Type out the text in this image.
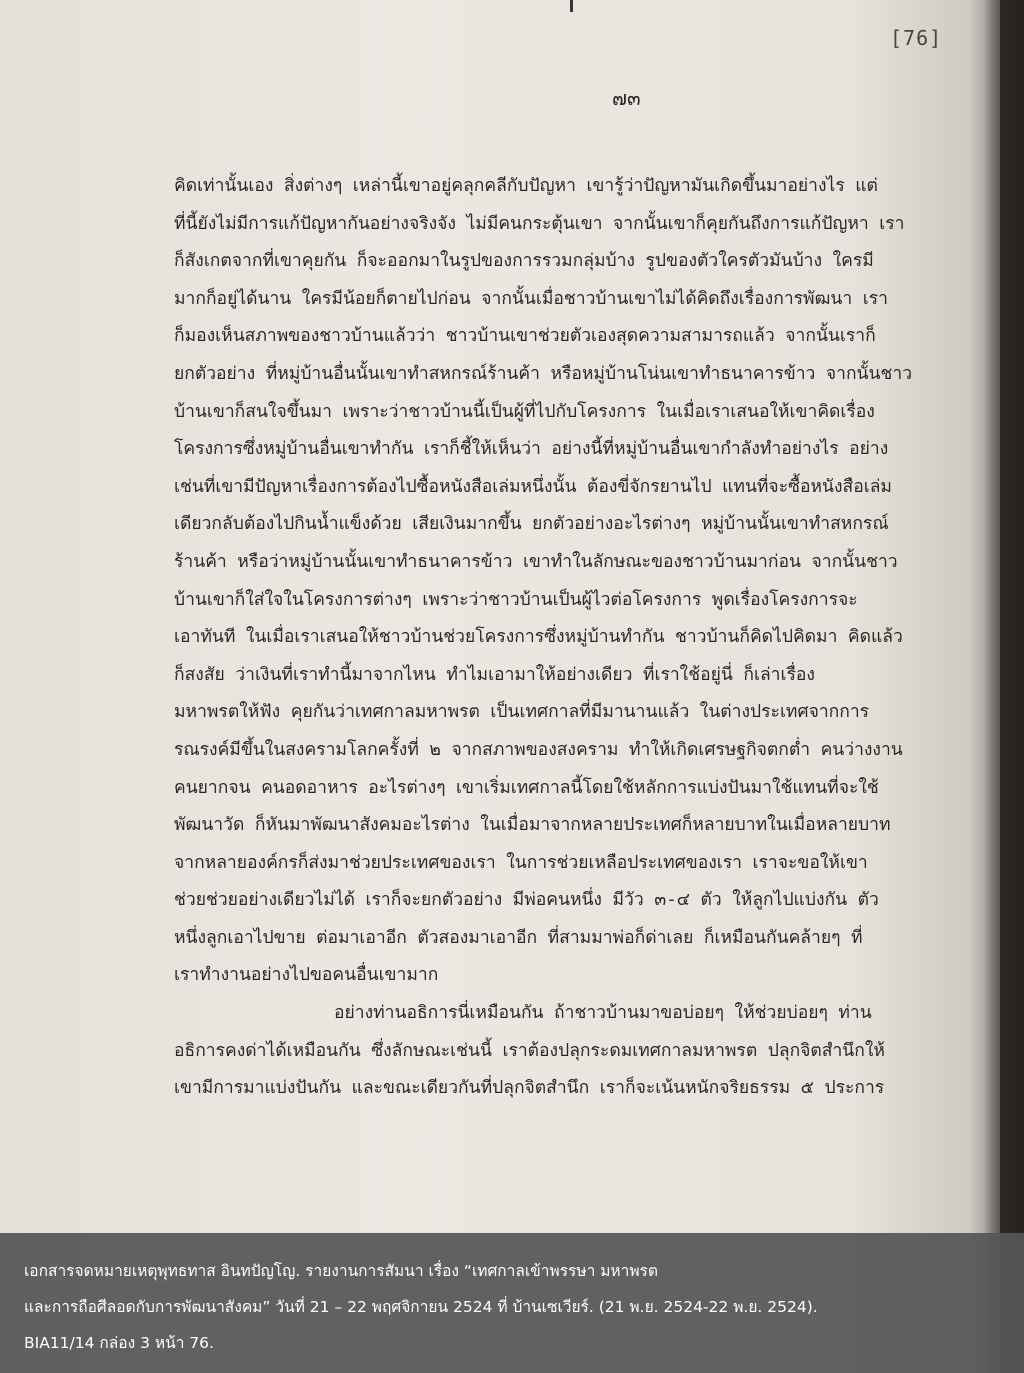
[76]
๗๓
คิดเท่านั้นเอง สิ่งต่างๆ เหล่านี้เขาอยู่คลุกคลีกับปัญหา เขารู้ว่าปัญหามันเกิดขึ้นมาอย่างไร แต่
ที่นี้ยังไม่มีการแก้ปัญหากันอย่างจริงจัง ไม่มีคนกระตุ้นเขา จากนั้นเขาก็คุยกันถึงการแก้ปัญหา เรา
ก็สังเกตจากที่เขาคุยกัน ก็จะออกมาในรูปของการรวมกลุ่มบ้าง รูปของตัวใครตัวมันบ้าง ใครมี
มากก็อยู่ได้นาน ใครมีน้อยก็ตายไปก่อน จากนั้นเมื่อชาวบ้านเขาไม่ได้คิดถึงเรื่องการพัฒนา เรา
ก็มองเห็นสภาพของชาวบ้านแล้วว่า ชาวบ้านเขาช่วยตัวเองสุดความสามารถแล้ว จากนั้นเราก็
ยกตัวอย่าง ที่หมู่บ้านอื่นนั้นเขาทำสหกรณ์ร้านค้า หรือหมู่บ้านโน่นเขาทำธนาคารข้าว จากนั้นชาว
บ้านเขาก็สนใจขึ้นมา เพราะว่าชาวบ้านนี้เป็นผู้ที่ไปกับโครงการ ในเมื่อเราเสนอให้เขาคิดเรื่อง
โครงการซึ่งหมู่บ้านอื่นเขาทำกัน เราก็ชี้ให้เห็นว่า อย่างนี้ที่หมู่บ้านอื่นเขากำลังทำอย่างไร อย่าง
เช่นที่เขามีปัญหาเรื่องการต้องไปซื้อหนังสือเล่มหนึ่งนั้น ต้องขี่จักรยานไป แทนที่จะซื้อหนังสือเล่ม
เดียวกลับต้องไปกินน้ำแข็งด้วย เสียเงินมากขึ้น ยกตัวอย่างอะไรต่างๆ หมู่บ้านนั้นเขาทำสหกรณ์
ร้านค้า หรือว่าหมู่บ้านนั้นเขาทำธนาคารข้าว เขาทำในลักษณะของชาวบ้านมาก่อน จากนั้นชาว
บ้านเขาก็ใส่ใจในโครงการต่างๆ เพราะว่าชาวบ้านเป็นผู้ไวต่อโครงการ พูดเรื่องโครงการจะ
เอาทันที ในเมื่อเราเสนอให้ชาวบ้านช่วยโครงการซึ่งหมู่บ้านทำกัน ชาวบ้านก็คิดไปคิดมา คิดแล้ว
ก็สงสัย ว่าเงินที่เราทำนี้มาจากไหน ทำไมเอามาให้อย่างเดียว ที่เราใช้อยู่นี่ ก็เล่าเรื่อง
มหาพรตให้ฟัง คุยกันว่าเทศกาลมหาพรต เป็นเทศกาลที่มีมานานแล้ว ในต่างประเทศจากการ
รณรงค์มีขึ้นในสงครามโลกครั้งที่ ๒ จากสภาพของสงคราม ทำให้เกิดเศรษฐกิจตกต่ำ คนว่างงาน
คนยากจน คนอดอาหาร อะไรต่างๆ เขาเริ่มเทศกาลนี้โดยใช้หลักการแบ่งปันมาใช้แทนที่จะใช้
พัฒนาวัด ก็หันมาพัฒนาสังคมอะไรต่าง ในเมื่อมาจากหลายประเทศก็หลายบาทในเมื่อหลายบาท
จากหลายองค์กรก็ส่งมาช่วยประเทศของเรา ในการช่วยเหลือประเทศของเรา เราจะขอให้เขา
ช่วยช่วยอย่างเดียวไม่ได้ เราก็จะยกตัวอย่าง มีพ่อคนหนึ่ง มีวัว ๓-๔ ตัว ให้ลูกไปแบ่งกัน ตัว
หนึ่งลูกเอาไปขาย ต่อมาเอาอีก ตัวสองมาเอาอีก ที่สามมาพ่อก็ด่าเลย ก็เหมือนกันคล้ายๆ ที่
เราทำงานอย่างไปขอคนอื่นเขามาก
อย่างท่านอธิการนี่เหมือนกัน ถ้าชาวบ้านมาขอบ่อยๆ ให้ช่วยบ่อยๆ ท่าน
อธิการคงด่าได้เหมือนกัน ซึ่งลักษณะเช่นนี้ เราต้องปลุกระดมเทศกาลมหาพรต ปลุกจิตสำนึกให้
เขามีการมาแบ่งปันกัน และขณะเดียวกันที่ปลุกจิตสำนึก เราก็จะเน้นหนักจริยธรรม ๕ ประการ
เอกสารจดหมายเหตุพุทธทาส อินทปัญโญ. รายงานการสัมนา เรื่อง “เทศกาลเข้าพรรษา มหาพรต
และการถือศีลอดกับการพัฒนาสังคม” วันที่ 21 – 22 พฤศจิกายน 2524 ที่ บ้านเซเวียร์. (21 พ.ย. 2524-22 พ.ย. 2524).
BIA11/14 กล่อง 3 หน้า 76.
